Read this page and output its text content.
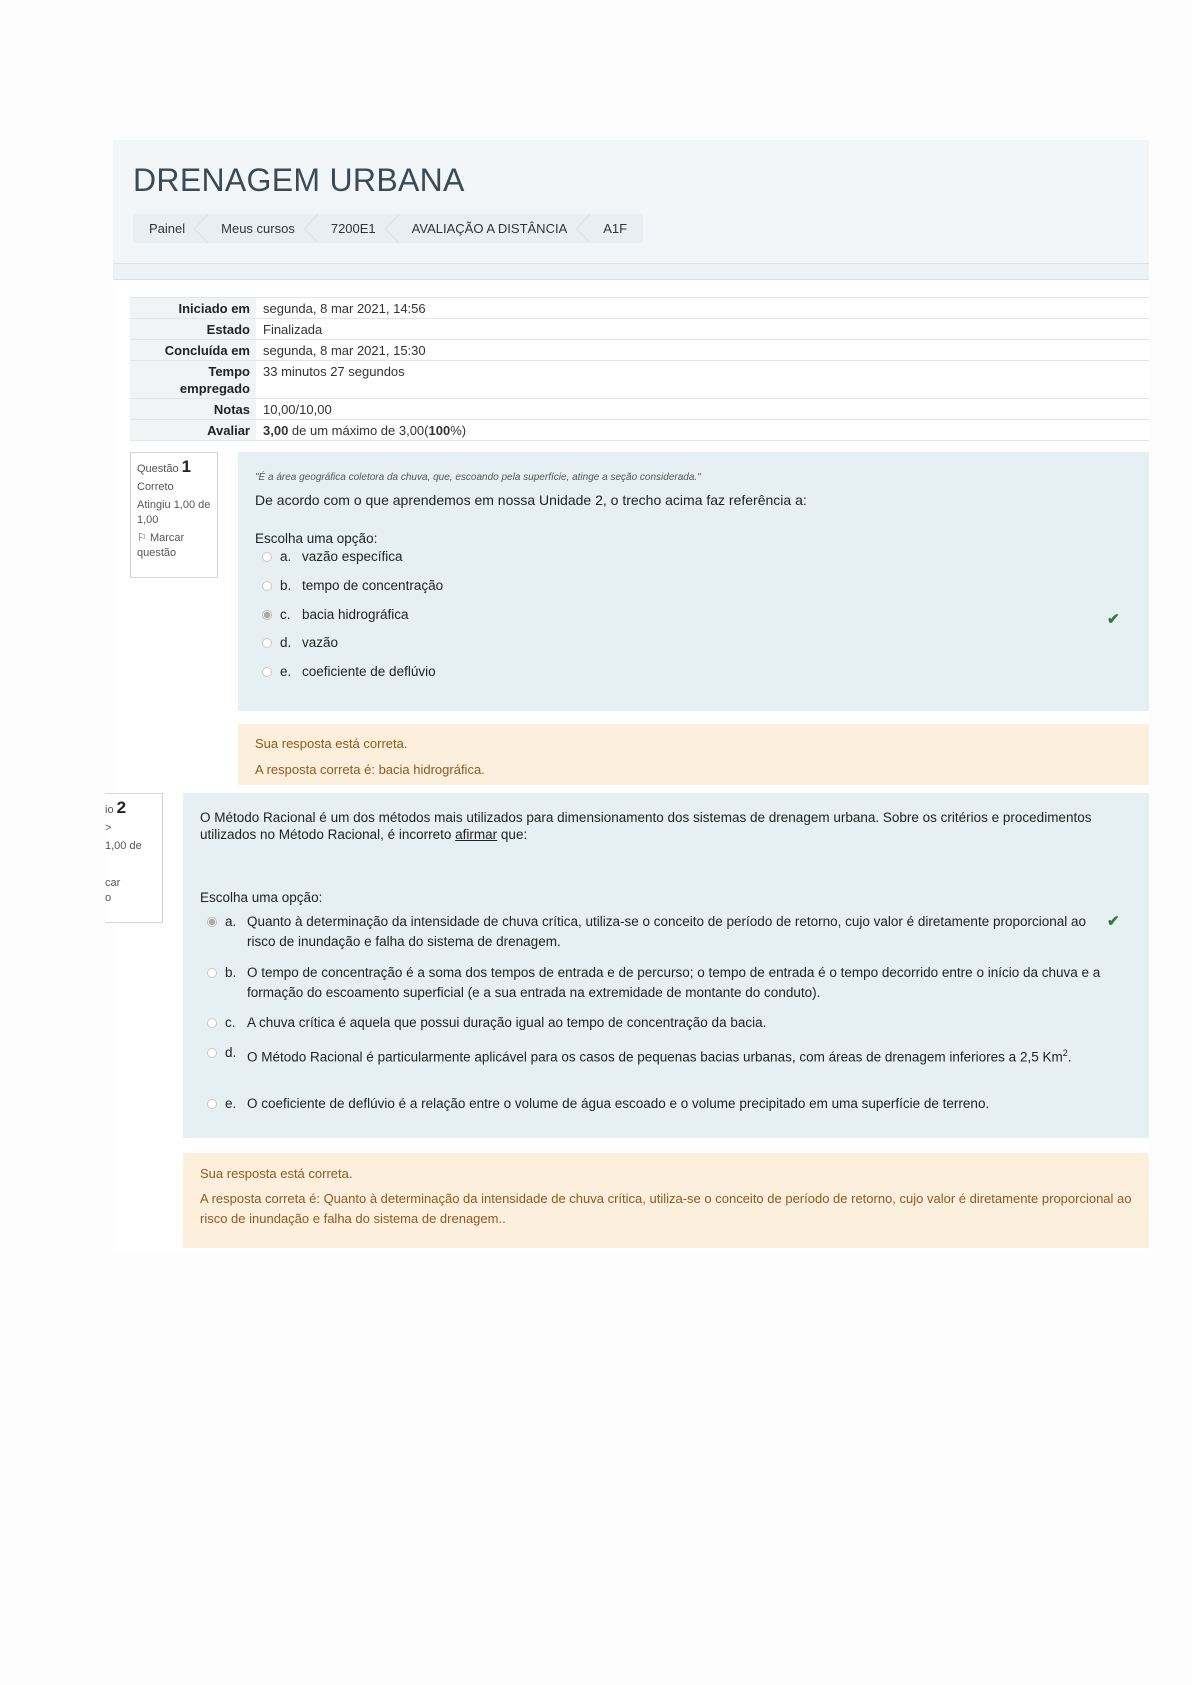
DRENAGEM URBANA
Painel	Meus cursos	7200E1	AVALIAÇÃO A DISTÂNCIA	A1F
Iniciado em	segunda, 8 mar 2021, 14:56
Estado	Finalizada
Concluída em	segunda, 8 mar 2021, 15:30
Tempo empregado	33 minutos 27 segundos
Notas	10,00/10,00
Avaliar	3,00 de um máximo de 3,00(100%)
Questão 1
Correto
Atingiu 1,00 de 1,00
⚐ Marcar questão
"É a área geográfica coletora da chuva, que, escoando pela superfície, atinge a seção considerada."
De acordo com o que aprendemos em nossa Unidade 2, o trecho acima faz referência a:
Escolha uma opção:
a. vazão específica
b. tempo de concentração
c. bacia hidrográfica	✔
d. vazão
e. coeficiente de deflúvio
Sua resposta está correta.
A resposta correta é: bacia hidrográfica.
io 2
>
1,00 de
car
o
O Método Racional é um dos métodos mais utilizados para dimensionamento dos sistemas de drenagem urbana. Sobre os critérios e procedimentos utilizados no Método Racional, é incorreto afirmar que:
Escolha uma opção:
a. Quanto à determinação da intensidade de chuva crítica, utiliza-se o conceito de período de retorno, cujo valor é diretamente proporcional ao risco de inundação e falha do sistema de drenagem.
✔
b. O tempo de concentração é a soma dos tempos de entrada e de percurso; o tempo de entrada é o tempo decorrido entre o início da chuva e a formação do escoamento superficial (e a sua entrada na extremidade de montante do conduto).
c. A chuva crítica é aquela que possui duração igual ao tempo de concentração da bacia.
d. O Método Racional é particularmente aplicável para os casos de pequenas bacias urbanas, com áreas de drenagem inferiores a 2,5 Km$^2$.
e. O coeficiente de deflúvio é a relação entre o volume de água escoado e o volume precipitado em uma superfície de terreno.
Sua resposta está correta.
A resposta correta é: Quanto à determinação da intensidade de chuva crítica, utiliza-se o conceito de período de retorno, cujo valor é diretamente proporcional ao risco de inundação e falha do sistema de drenagem..
